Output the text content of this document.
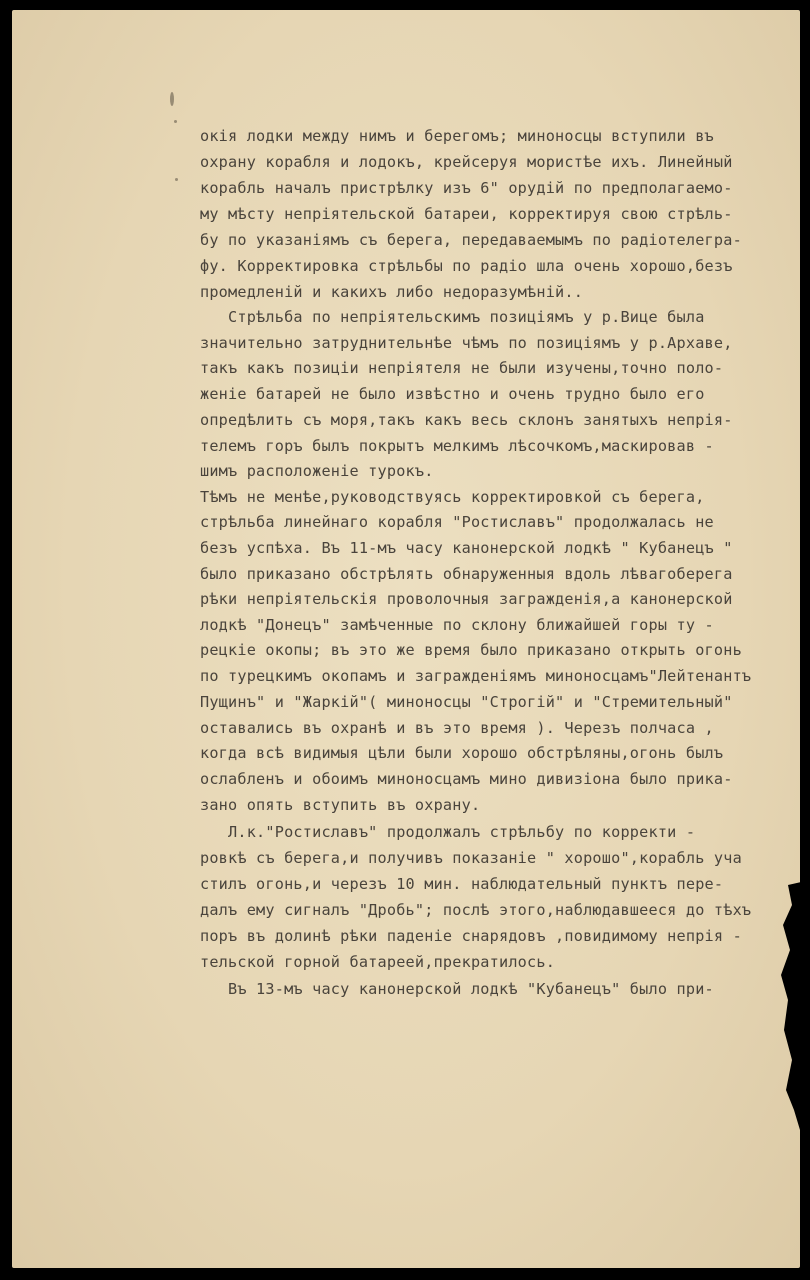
окія лодки между нимъ и берегомъ; миноносцы вступили въ
охрану корабля и лодокъ, крейсеруя мористѣе ихъ. Линейный
корабль началъ пристрѣлку изъ 6" орудій по предполагаемо-
му мѣсту непріятельской батареи, корректируя свою стрѣль-
бу по указаніямъ съ берега, передаваемымъ по радіотелегра-
фу. Корректировка стрѣльбы по радіо шла очень хорошо,безъ
промедленій и какихъ либо недоразумѣній..
Стрѣльба по непріятельскимъ позиціямъ у р.Вице была
значительно затруднительнѣе чѣмъ по позиціямъ у р.Архаве,
такъ какъ позиціи непріятеля не были изучены,точно поло-
женіе батарей не было извѣстно и очень трудно было его
опредѣлить съ моря,такъ какъ весь склонъ занятыхъ непрія-
телемъ горъ былъ покрытъ мелкимъ лѣсочкомъ,маскировав -
шимъ расположеніе турокъ.
Тѣмъ не менѣе,руководствуясь корректировкой съ берега,
стрѣльба линейнаго корабля "Ростиславъ" продолжалась не
безъ успѣха. Въ 11-мъ часу канонерской лодкѣ " Кубанецъ "
было приказано обстрѣлять обнаруженныя вдоль лѣвагоберега
рѣки непріятельскія проволочныя загражденія,а канонерской
лодкѣ "Донецъ" замѣченные по склону ближайшей горы ту -
рецкіе окопы; въ это же время было приказано открыть огонь
по турецкимъ окопамъ и загражденіямъ миноносцамъ"Лейтенантъ
Пущинъ" и "Жаркій"( миноносцы "Строгій" и "Стремительный"
оставались въ охранѣ и въ это время ). Черезъ полчаса ,
когда всѣ видимыя цѣли были хорошо обстрѣляны,огонь былъ
ослабленъ и обоимъ миноносцамъ мино дивизіона было прика-
зано опять вступить въ охрану.
Л.к."Ростиславъ" продолжалъ стрѣльбу по корректи -
ровкѣ съ берега,и получивъ показаніе " хорошо",корабль уча
стилъ огонь,и черезъ 10 мин. наблюдательный пунктъ пере-
далъ ему сигналъ "Дробь"; послѣ этого,наблюдавшееся до тѣхъ
поръ въ долинѣ рѣки паденіе снарядовъ ,повидимому непрія -
тельской горной батареей,прекратилось.
Въ 13-мъ часу канонерской лодкѣ "Кубанецъ" было при-
